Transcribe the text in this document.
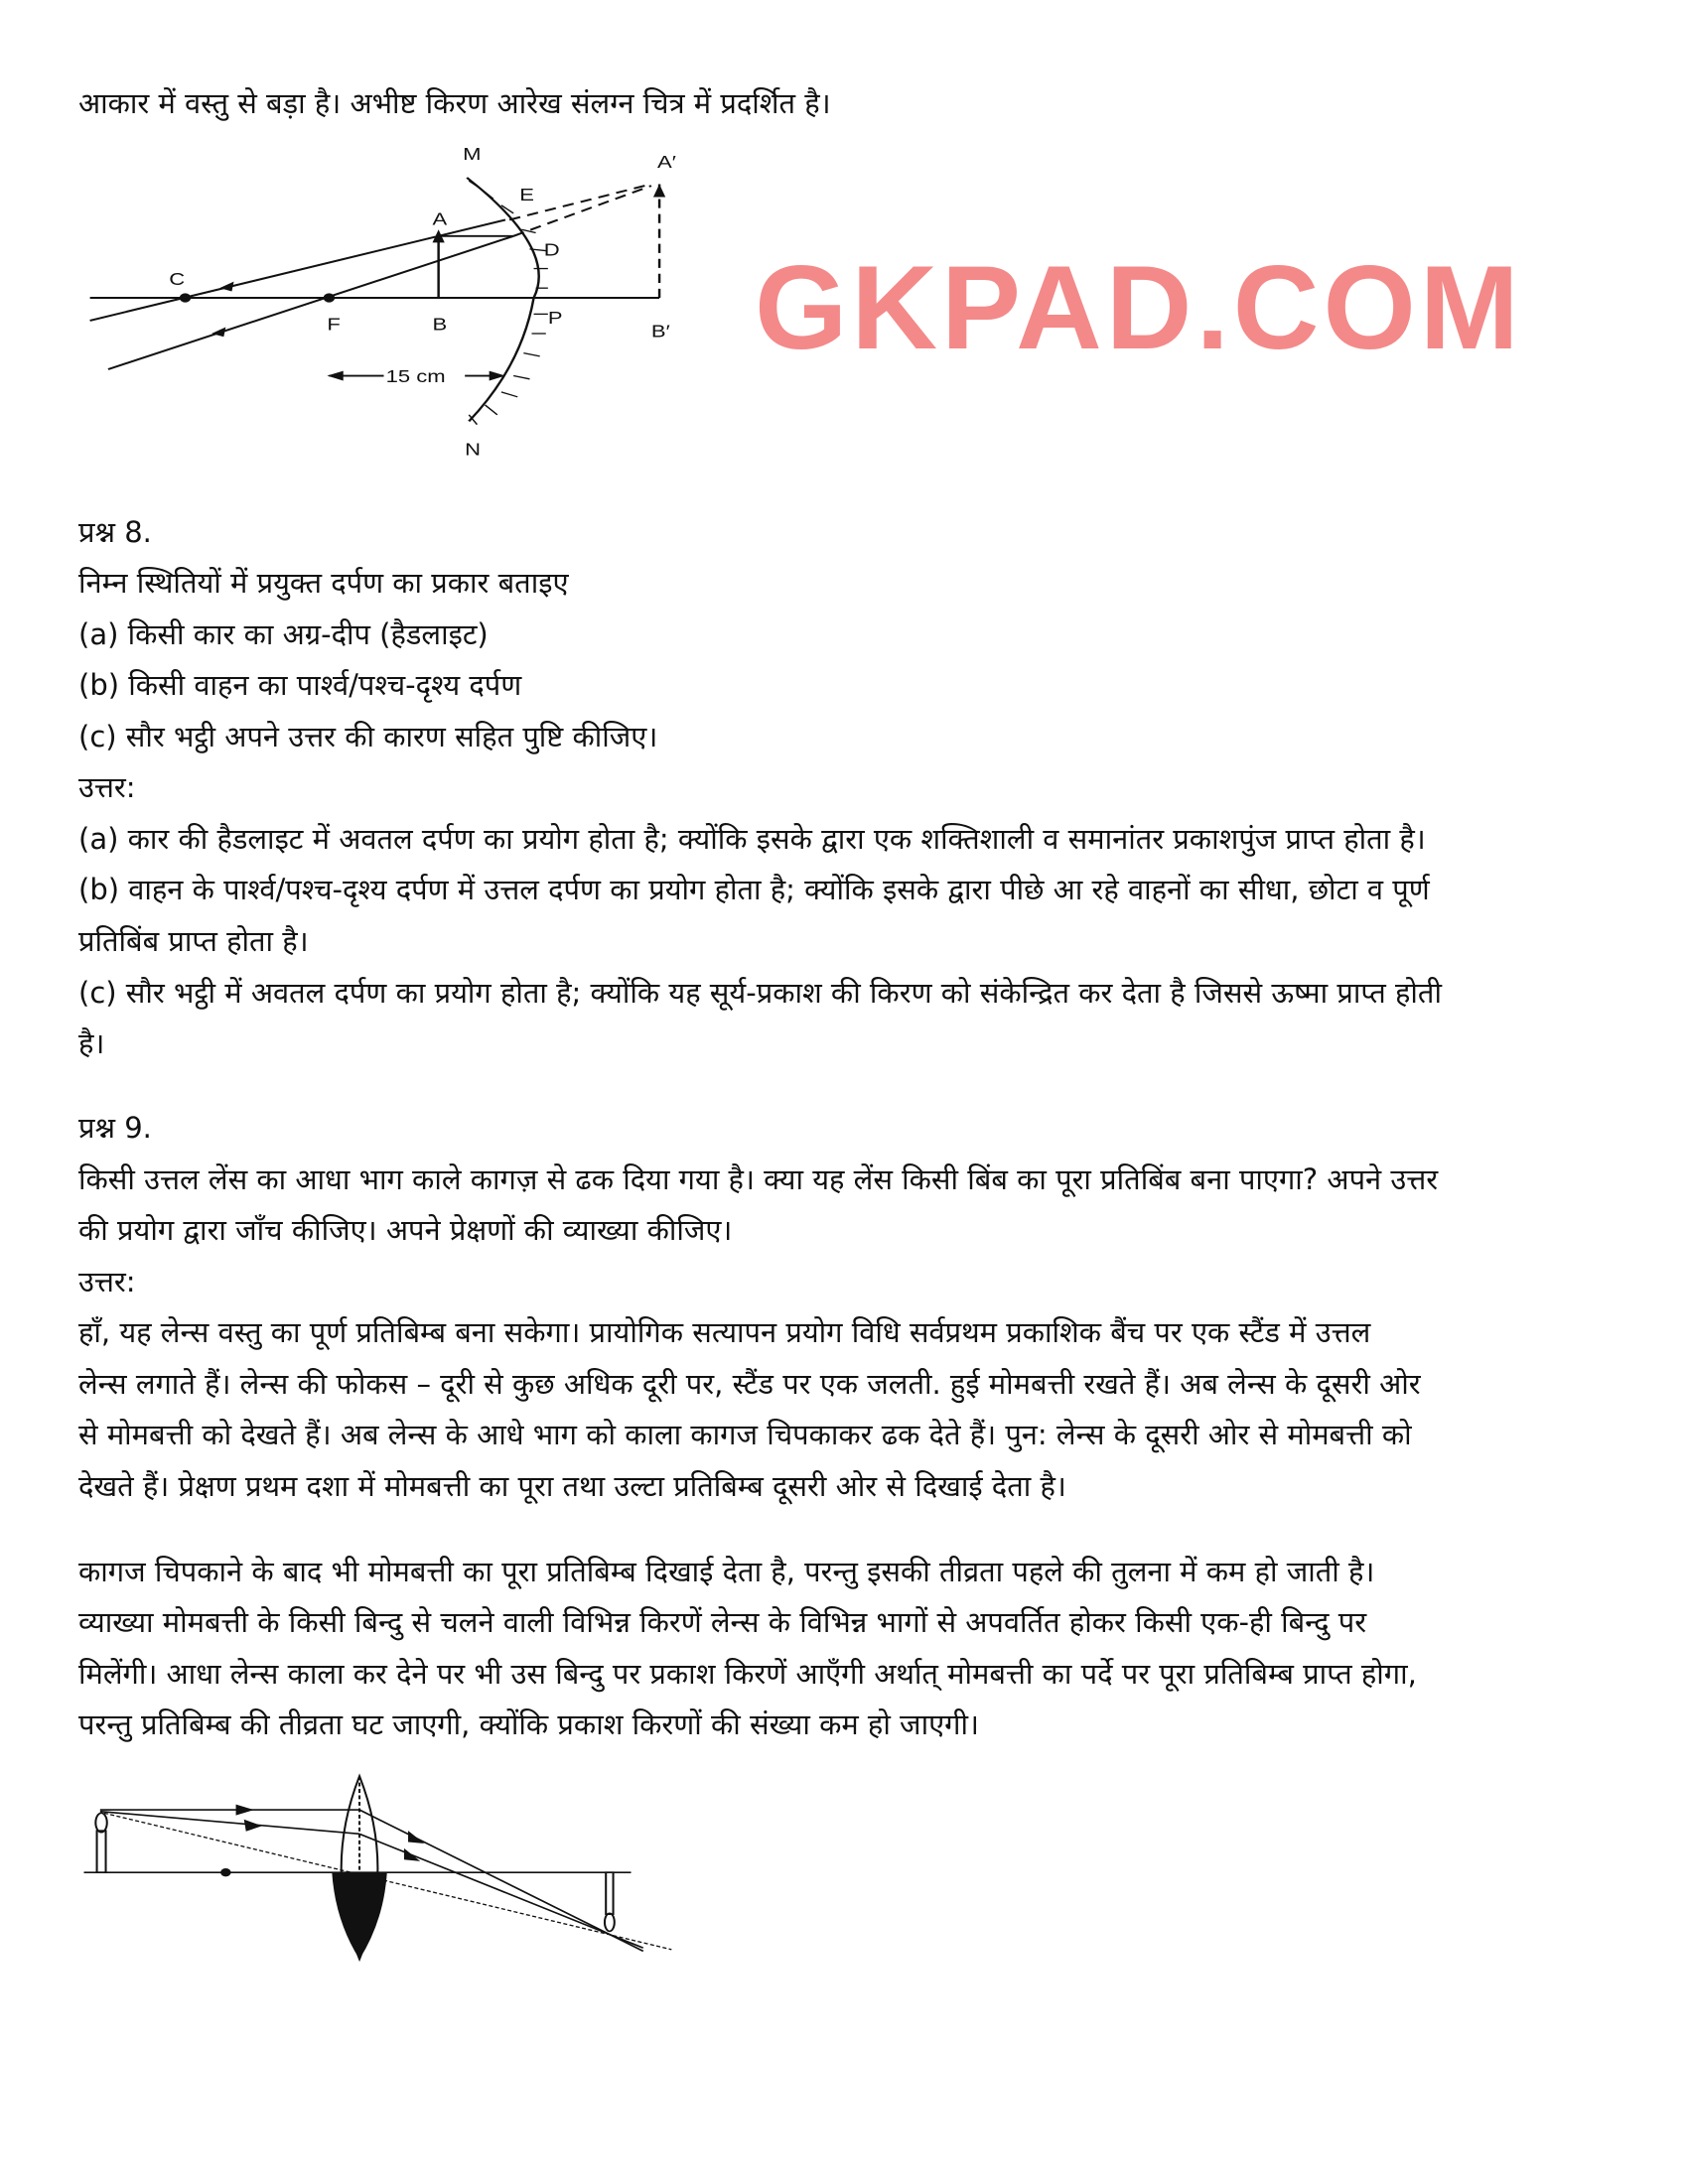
आकार में वस्तु से बड़ा है। अभीष्ट किरण आरेख संलग्न चित्र में प्रदर्शित है।
M
E
A
A′
D
C
F B P
B′
N
15 cm
GKPAD.COM
प्रश्न 8.
निम्न स्थितियों में प्रयुक्त दर्पण का प्रकार बताइए
(a) किसी कार का अग्र-दीप (हैडलाइट)
(b) किसी वाहन का पार्श्व/पश्च-दृश्य दर्पण
(c) सौर भट्ठी अपने उत्तर की कारण सहित पुष्टि कीजिए।
उत्तर:
(a) कार की हैडलाइट में अवतल दर्पण का प्रयोग होता है; क्योंकि इसके द्वारा एक शक्तिशाली व समानांतर प्रकाशपुंज प्राप्त होता है।
(b) वाहन के पार्श्व/पश्च-दृश्य दर्पण में उत्तल दर्पण का प्रयोग होता है; क्योंकि इसके द्वारा पीछे आ रहे वाहनों का सीधा, छोटा व पूर्ण
प्रतिबिंब प्राप्त होता है।
(c) सौर भट्ठी में अवतल दर्पण का प्रयोग होता है; क्योंकि यह सूर्य-प्रकाश की किरण को संकेन्द्रित कर देता है जिससे ऊष्मा प्राप्त होती
है।
प्रश्न 9.
किसी उत्तल लेंस का आधा भाग काले कागज़ से ढक दिया गया है। क्या यह लेंस किसी बिंब का पूरा प्रतिबिंब बना पाएगा? अपने उत्तर
की प्रयोग द्वारा जाँच कीजिए। अपने प्रेक्षणों की व्याख्या कीजिए।
उत्तर:
हाँ, यह लेन्स वस्तु का पूर्ण प्रतिबिम्ब बना सकेगा। प्रायोगिक सत्यापन प्रयोग विधि सर्वप्रथम प्रकाशिक बैंच पर एक स्टैंड में उत्तल
लेन्स लगाते हैं। लेन्स की फोकस – दूरी से कुछ अधिक दूरी पर, स्टैंड पर एक जलती. हुई मोमबत्ती रखते हैं। अब लेन्स के दूसरी ओर
से मोमबत्ती को देखते हैं। अब लेन्स के आधे भाग को काला कागज चिपकाकर ढक देते हैं। पुन: लेन्स के दूसरी ओर से मोमबत्ती को
देखते हैं। प्रेक्षण प्रथम दशा में मोमबत्ती का पूरा तथा उल्टा प्रतिबिम्ब दूसरी ओर से दिखाई देता है।
कागज चिपकाने के बाद भी मोमबत्ती का पूरा प्रतिबिम्ब दिखाई देता है, परन्तु इसकी तीव्रता पहले की तुलना में कम हो जाती है।
व्याख्या मोमबत्ती के किसी बिन्दु से चलने वाली विभिन्न किरणें लेन्स के विभिन्न भागों से अपवर्तित होकर किसी एक-ही बिन्दु पर
मिलेंगी। आधा लेन्स काला कर देने पर भी उस बिन्दु पर प्रकाश किरणें आएँगी अर्थात् मोमबत्ती का पर्दे पर पूरा प्रतिबिम्ब प्राप्त होगा,
परन्तु प्रतिबिम्ब की तीव्रता घट जाएगी, क्योंकि प्रकाश किरणों की संख्या कम हो जाएगी।
